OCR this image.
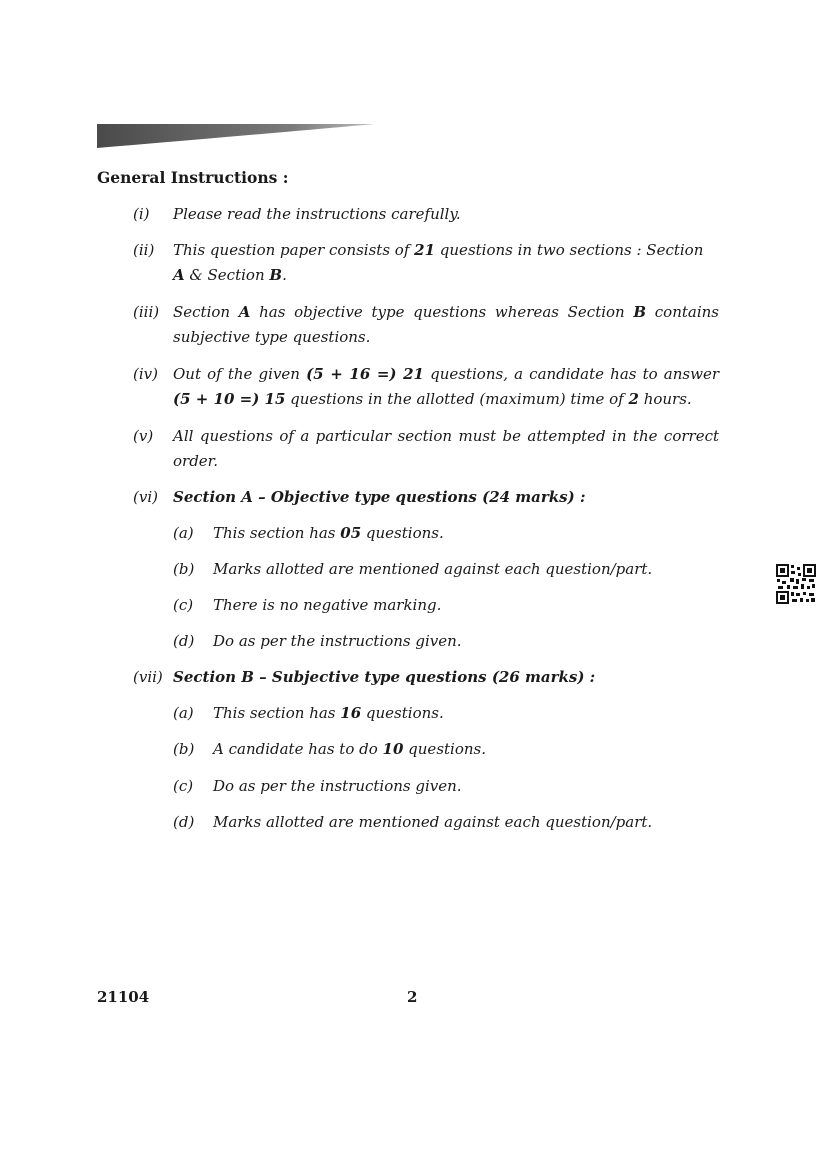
General Instructions :
(i)	Please read the instructions carefully.
(ii)	This question paper consists of 21 questions in two sections : Section A & Section B.
(iii) Section A has objective type questions whereas Section B contains subjective type questions.
(iv)	Out of the given (5 + 16 =) 21 questions, a candidate has to answer (5 + 10 =) 15 questions in the allotted (maximum) time of 2 hours.
(v)	All questions of a particular section must be attempted in the correct order.
(vi)	Section A – Objective type questions (24 marks) :
(a) This section has 05 questions.
(b) Marks allotted are mentioned against each question/part.
(c) There is no negative marking.
(d) Do as per the instructions given.
(vii) Section B – Subjective type questions (26 marks) :
(a) This section has 16 questions.
(b) A candidate has to do 10 questions.
(c) Do as per the instructions given.
(d) Marks allotted are mentioned against each question/part.
21104	2
